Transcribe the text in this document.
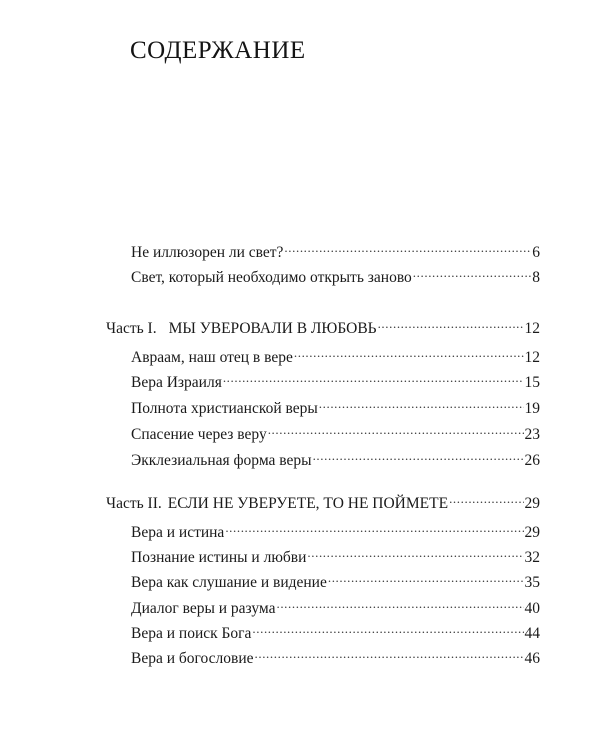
СОДЕРЖАНИЕ
Не иллюзорен ли свет? .....	6
Свет, который необходимо открыть заново .....	8
Часть I. МЫ УВЕРОВАЛИ В ЛЮБОВЬ .....	12
Авраам, наш отец в вере .....	12
Вера Израиля .....	15
Полнота христианской веры .....	19
Спасение через веру .....	23
Экклезиальная форма веры .....	26
Часть II. ЕСЛИ НЕ УВЕРУЕТЕ, ТО НЕ ПОЙМЕТЕ .....	29
Вера и истина .....	29
Познание истины и любви .....	32
Вера как слушание и видение .....	35
Диалог веры и разума .....	40
Вера и поиск Бога .....	44
Вера и богословие .....	46
